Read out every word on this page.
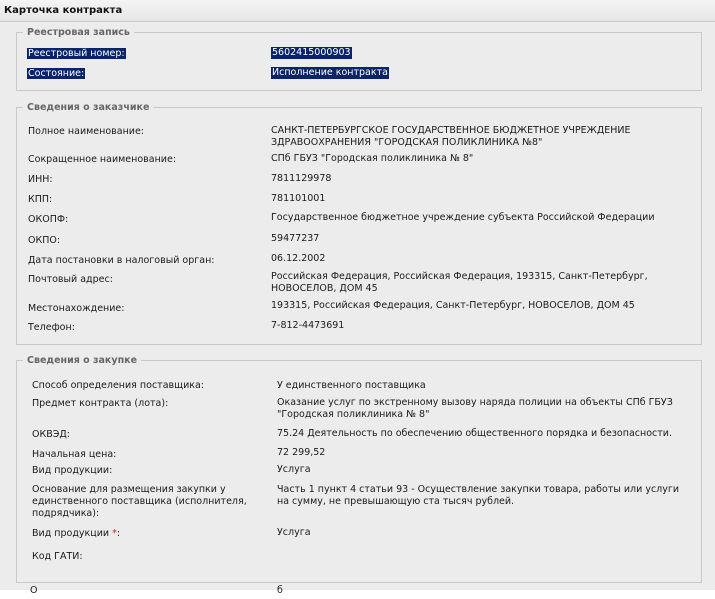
Карточка контракта
Реестровая запись
Реестровый номер:	5602415000903
Состояние:	Исполнение контракта
Сведения о заказчике
Полное наименование:	САНКТ-ПЕТЕРБУРГСКОЕ ГОСУДАРСТВЕННОЕ БЮДЖЕТНОЕ УЧРЕЖДЕНИЕ ЗДРАВООХРАНЕНИЯ "ГОРОДСКАЯ ПОЛИКЛИНИКА №8"
Сокращенное наименование:	СПб ГБУЗ "Городская поликлиника № 8"
ИНН:	7811129978
КПП:	781101001
ОКОПФ:	Государственное бюджетное учреждение субъекта Российской Федерации
ОКПО:	59477237
Дата постановки в налоговый орган:	06.12.2002
Почтовый адрес:	Российская Федерация, Российская Федерация, 193315, Санкт-Петербург, НОВОСЕЛОВ, ДОМ 45
Местонахождение:	193315, Российская Федерация, Санкт-Петербург, НОВОСЕЛОВ, ДОМ 45
Телефон:	7-812-4473691
Сведения о закупке
Способ определения поставщика:	У единственного поставщика
Предмет контракта (лота):	Оказание услуг по экстренному вызову наряда полиции на объекты СПб ГБУЗ "Городская поликлиника № 8"
ОКВЭД:	75.24 Деятельность по обеспечению общественного порядка и безопасности.
Начальная цена:	72 299,52
Вид продукции:	Услуга
Основание для размещения закупки у единственного поставщика (исполнителя, подрядчика):
Часть 1 пункт 4 статьи 93 - Осуществление закупки товара, работы или услуги на сумму, не превышающую ста тысяч рублей.
Вид продукции *:	Услуга
Код ГАТИ:
О	б
